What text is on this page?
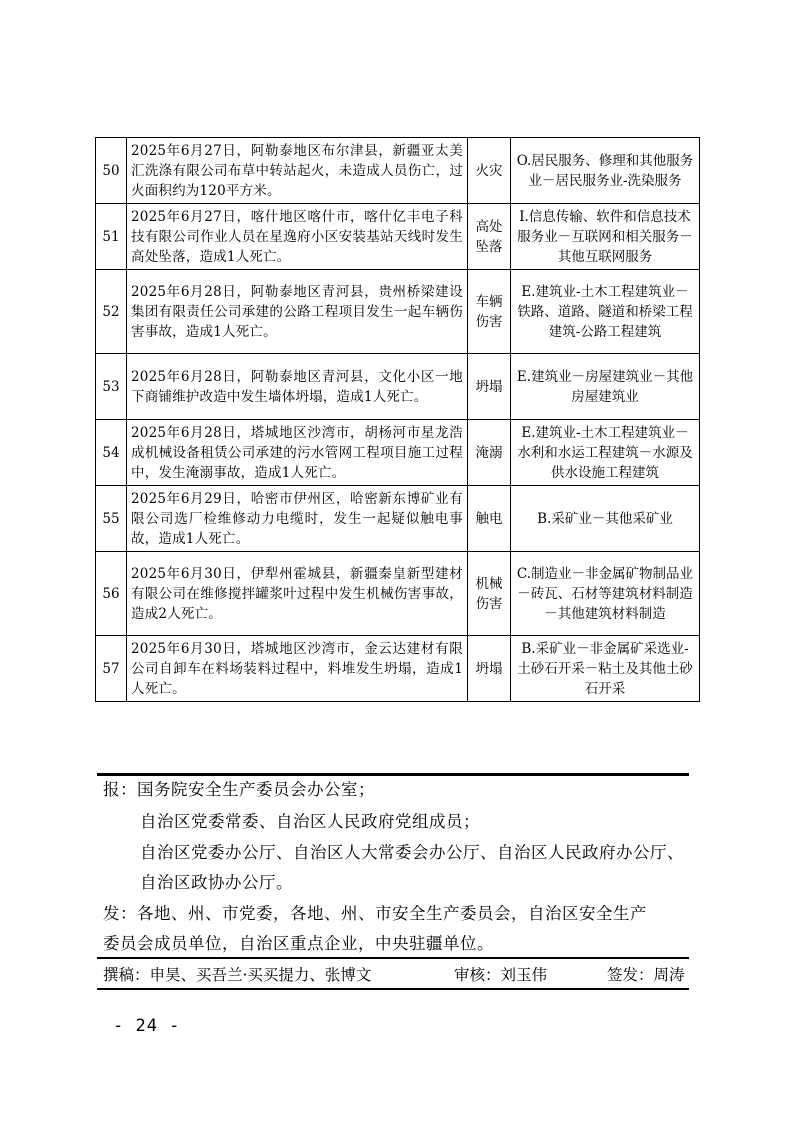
50	2025年6月27日，阿勒泰地区布尔津县，新疆亚太美汇洗涤有限公司布草中转站起火，未造成人员伤亡，过火面积约为120平方米。	火灾	O.居民服务、修理和其他服务业－居民服务业-洗染服务
51	2025年6月27日，喀什地区喀什市，喀什亿丰电子科技有限公司作业人员在星逸府小区安装基站天线时发生高处坠落，造成1人死亡。	高处坠落	I.信息传输、软件和信息技术服务业－互联网和相关服务－其他互联网服务
52	2025年6月28日，阿勒泰地区青河县，贵州桥梁建设集团有限责任公司承建的公路工程项目发生一起车辆伤害事故，造成1人死亡。	车辆伤害	E.建筑业-土木工程建筑业－铁路、道路、隧道和桥梁工程建筑-公路工程建筑
53	2025年6月28日，阿勒泰地区青河县，文化小区一地下商铺维护改造中发生墙体坍塌，造成1人死亡。	坍塌	E.建筑业－房屋建筑业－其他房屋建筑业
54	2025年6月28日，塔城地区沙湾市，胡杨河市星龙浩成机械设备租赁公司承建的污水管网工程项目施工过程中，发生淹溺事故，造成1人死亡。	淹溺	E.建筑业-土木工程建筑业－水利和水运工程建筑－水源及供水设施工程建筑
55	2025年6月29日，哈密市伊州区，哈密新东博矿业有限公司选厂检维修动力电缆时，发生一起疑似触电事故，造成1人死亡。	触电	B.采矿业－其他采矿业
56	2025年6月30日，伊犁州霍城县，新疆秦皇新型建材有限公司在维修搅拌罐浆叶过程中发生机械伤害事故，造成2人死亡。	机械伤害	C.制造业－非金属矿物制品业－砖瓦、石材等建筑材料制造－其他建筑材料制造
57	2025年6月30日，塔城地区沙湾市，金云达建材有限公司自卸车在料场装料过程中，料堆发生坍塌，造成1人死亡。	坍塌	B.采矿业－非金属矿采选业-土砂石开采－粘土及其他土砂石开采
报：国务院安全生产委员会办公室；
自治区党委常委、自治区人民政府党组成员；
自治区党委办公厅、自治区人大常委会办公厅、自治区人民政府办公厅、
自治区政协办公厅。
发：各地、州、市党委，各地、州、市安全生产委员会，自治区安全生产
委员会成员单位，自治区重点企业，中央驻疆单位。
撰稿：申昊、买吾兰·买买提力、张博文	审核：刘玉伟	签发：周涛
- 24 -
